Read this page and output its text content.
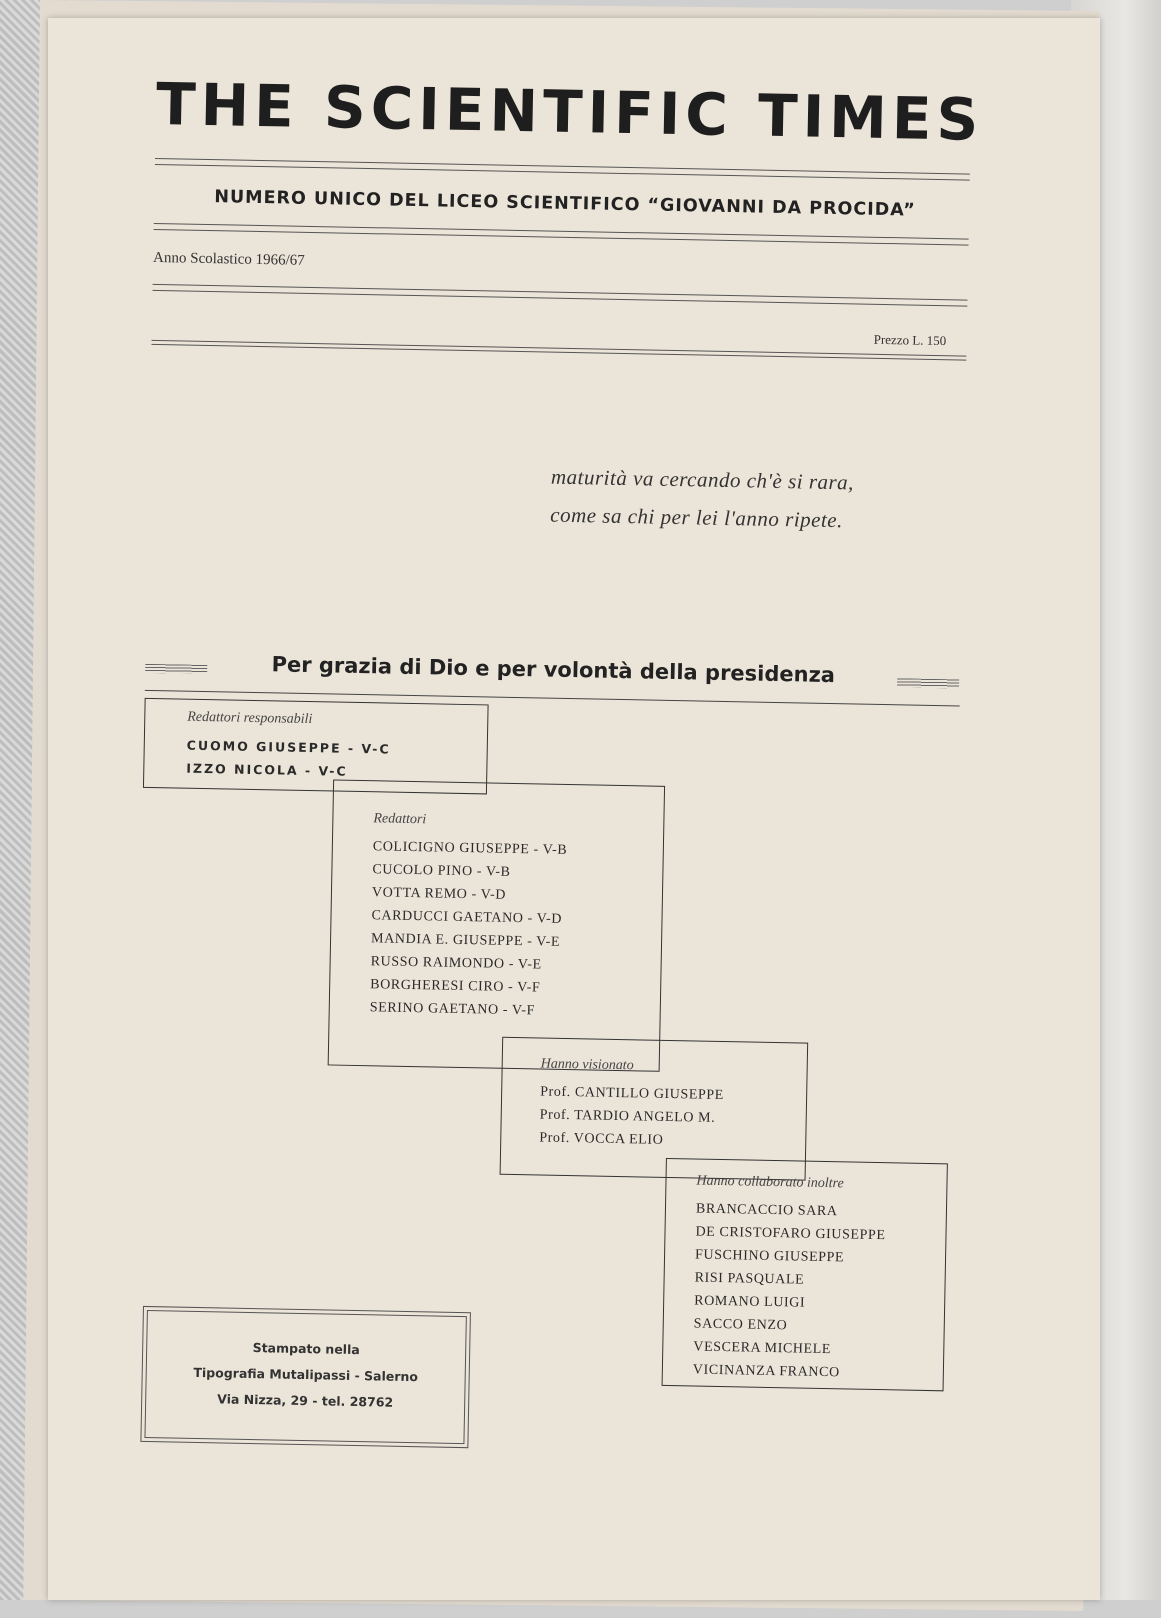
THE SCIENTIFIC TIMES
NUMERO UNICO DEL LICEO SCIENTIFICO “GIOVANNI DA PROCIDA”
Anno Scolastico 1966/67
Prezzo L. 150
maturità va cercando ch'è si rara,
come sa chi per lei l'anno ripete.
Per grazia di Dio e per volontà della presidenza
Redattori responsabili
CUOMO GIUSEPPE - V-C
IZZO NICOLA - V-C
Redattori
COLICIGNO GIUSEPPE - V-B
CUCOLO PINO - V-B
VOTTA REMO - V-D
CARDUCCI GAETANO - V-D
MANDIA E. GIUSEPPE - V-E
RUSSO RAIMONDO - V-E
BORGHERESI CIRO - V-F
SERINO GAETANO - V-F
Hanno visionato
Prof. CANTILLO GIUSEPPE
Prof. TARDIO ANGELO M.
Prof. VOCCA ELIO
Hanno collaborato inoltre
BRANCACCIO SARA
DE CRISTOFARO GIUSEPPE
FUSCHINO GIUSEPPE
RISI PASQUALE
ROMANO LUIGI
SACCO ENZO
VESCERA MICHELE
VICINANZA FRANCO
Stampato nella
Tipografia Mutalipassi - Salerno
Via Nizza, 29 - tel. 28762
